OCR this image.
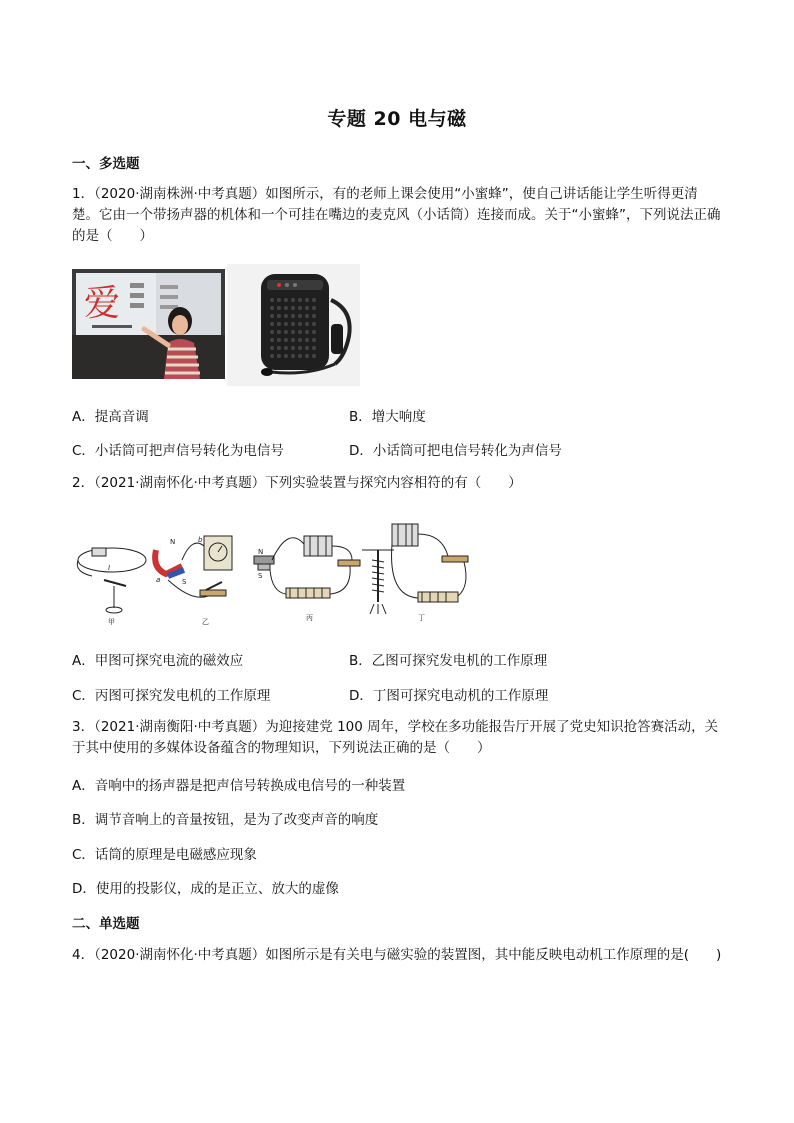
专题 20 电与磁
一、多选题
1．（2020·湖南株洲·中考真题）如图所示，有的老师上课会使用“小蜜蜂”，使自己讲话能让学生听得更清楚。它由一个带扬声器的机体和一个可挂在嘴边的麦克风（小话筒）连接而成。关于“小蜜蜂”，下列说法正确的是（　　）
爱
A．提高音调	B．增大响度
C．小话筒可把声信号转化为电信号	D．小话筒可把电信号转化为声信号
2．（2021·湖南怀化·中考真题）下列实验装置与探究内容相符的有（　　）
I
N
S
a
b
N
S
甲	乙	丙	丁
A．甲图可探究电流的磁效应	B．乙图可探究发电机的工作原理
C．丙图可探究发电机的工作原理	D．丁图可探究电动机的工作原理
3．（2021·湖南衡阳·中考真题）为迎接建党 100 周年，学校在多功能报告厅开展了党史知识抢答赛活动，关于其中使用的多媒体设备蕴含的物理知识，下列说法正确的是（　　）
A．音响中的扬声器是把声信号转换成电信号的一种装置
B．调节音响上的音量按钮，是为了改变声音的响度
C．话筒的原理是电磁感应现象
D．使用的投影仪，成的是正立、放大的虚像
二、单选题
4．（2020·湖南怀化·中考真题）如图所示是有关电与磁实验的装置图，其中能反映电动机工作原理的是(　　)
